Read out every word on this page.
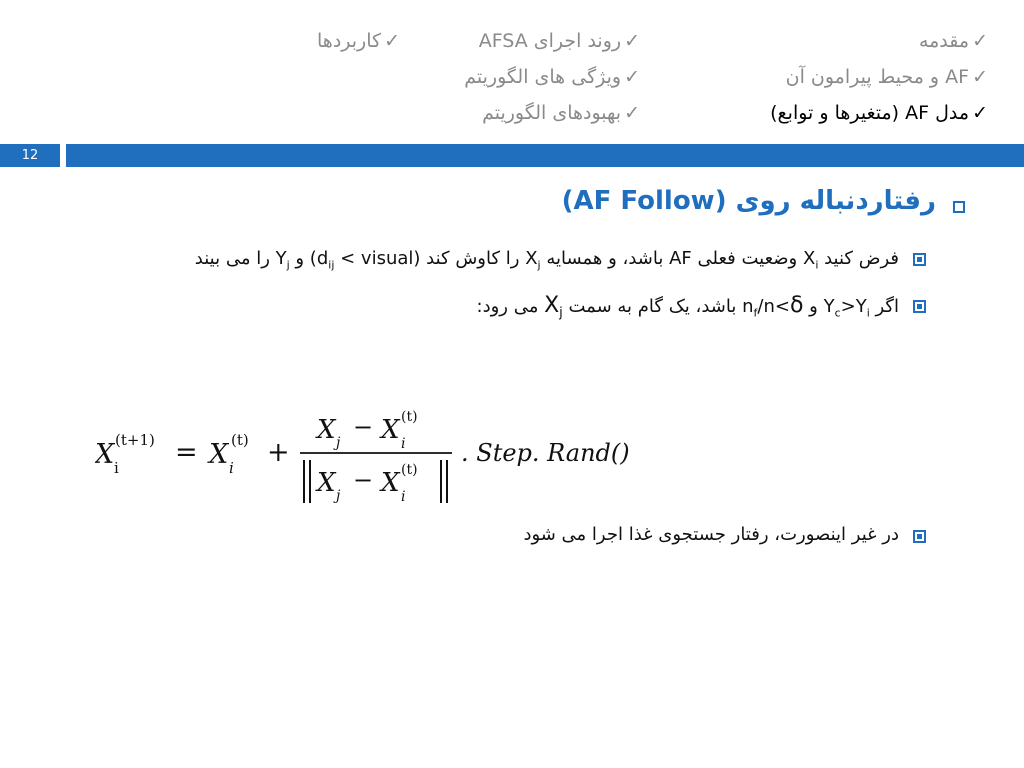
✓مقدمه
✓AF و محیط پیرامون آن
✓مدل AF (متغیرها و توابع)
✓روند اجرای AFSA
✓ویژگی های الگوریتم
✓بهبودهای الگوریتم
✓کاربردها
12
رفتاردنباله روی (AF Follow)
فرض کنید $X_i$ وضعیت فعلی AF باشد، و همسایه $X_j$ را کاوش کند ($d_{ij}$ < visual) و $Y_j$ را می بیند
اگر $Y_c>Y_i$ و $n_f/n<\delta$ باشد، یک گام به سمت $X_j$ می رود:
X i
(t+1) = X i
(t) +
X j
− X i
(t)
X j
− X i
(t)
. Step. Rand()
در غیر اینصورت، رفتار جستجوی غذا اجرا می شود
